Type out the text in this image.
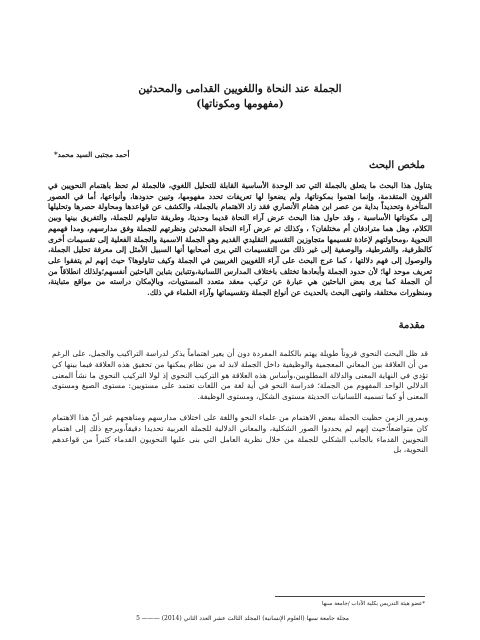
الجملة عند النحاة واللغويين القدامى والمحدثين
(مفهومها ومكوناتها)
أحمد مجتبى السيد محمد*
ملخص البحث

يتناول هذا البحث ما يتعلق بالجملة التي تعد الوحدة الأساسية القابلة للتحليل اللغوي، فالجملة لم تحظ باهتمام النحويين في القرون المتقدمة، وإنما اهتموا بمكوناتها، ولم يضعوا لها تعريفات تحدد مفهومها، وتبين حدودها، وأنواعها، أما في العصور المتأخرة وتحديداً بداية من عصر ابن هشام الأنصاري فقد زاد الاهتمام بالجملة، والكشف عن قواعدها ومحاولة حصرها وتحليلها إلى مكوناتها الأساسية ، وقد حاول هذا البحث عرض آراء النحاة قديما وحديثا، وطريقة تناولهم للجملة، والتفريق بينها وبين الكلام، وهل هما مترادفان أم مختلفان؟ ، وكذلك تم عرض آراء النحاة المحدثين ونظرتهم للجملة وفق مدارسهم، ومدا فهمهم النحوية ،ومحاولتهم لإعادة تقسيمها متجاوزين التقسيم التقليدي القديم وهو الجملة الاسمية والجملة الفعلية إلى تقسيمات أخرى كالظرفية، والشرطية، والوصفية إلى غير ذلك من التقسيمات التي يرى أصحابها أنها السبيل الأمثل إلى معرفة تحليل الجملة، والوصول إلى فهم دلالتها ، كما عرج البحث على آراء اللغويين الغربيين في الجملة وكيف تناولوها؟ حيث إنهم لم يتفقوا على تعريف موحد لها؛ لأن حدود الجملة وأبعادها تختلف باختلاف المدارس اللسانية،وتتباين بتباين الباحثين أنفسهم؛ولذلك انطلاقاً من أن الجملة كما يرى بعض الباحثين هي عبارة عن تركيب معقد متعدد المستويات، وبالإمكان دراسته من مواقع متباينة، ومنظورات مختلفة، وانتهى البحث بالحديث عن أنواع الجملة وتقسيماتها وآراء العلماء في ذلك.

مقدمة

قد ظل البحث النحوي قروناً طويلة يهتم بالكلمة المفردة دون أن يعير اهتماماً يذكر لدراسة التراكيب والجمل، على الرغم من أن العلاقة بين المعاني المعجمية والوظيفية داخل الجملة لابد له من نظام يمكنها من تحقيق هذه العلاقة فيما بينها كي تؤدي في النهاية المعنى والدلالة المطلوبين،وأساس هذه العلاقة هو التركيب النحوي إذ لولا التركيب النحوي ما نشأ المعنى الدلالي الواحد المفهوم من الجملة؛ فدراسة النحو في أية لغة من اللغات تعتمد على مستويين: مستوى الصيغ ومستوى المعنى أو كما تسميه اللسانيات الحديثة مستوى الشكل، ومستوى الوظيفة.

وبمرور الزمن حظيت الجملة ببعض الاهتمام من علماء النحو واللغة على اختلاف مدارسهم ومناهجهم غير أنّ هذا الاهتمام كان متواضعاً؛حيث إنهم لم يحددوا الصور الشكلية، والمعاني الدلالية للجملة العربية تحديدا دقيقاً،ويرجع ذلك إلى اهتمام النحويين القدماء بالجانب الشكلي للجملة من خلال نظرية العامل التي بنى عليها النحويون القدماء كثيراً من قواعدهم النحوية، بل

*عضو هيئة التدريس بكلية الآداب /جامعة سبها
مجلة جامعة سبها (العلوم الإنسانية) المجلد الثالث عشر العدد الثاني (2014) ——— 5
